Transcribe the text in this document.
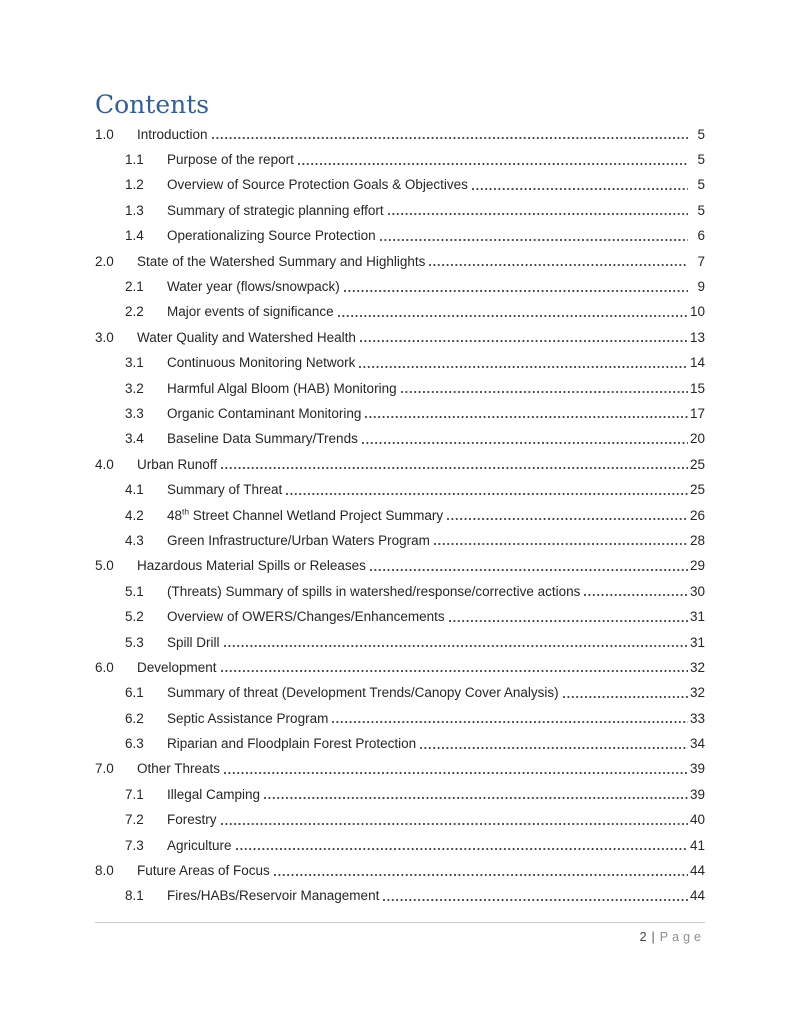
Contents
1.0	Introduction	5
1.1	Purpose of the report	5
1.2	Overview of Source Protection Goals & Objectives	5
1.3	Summary of strategic planning effort	5
1.4	Operationalizing Source Protection	6
2.0	State of the Watershed Summary and Highlights	7
2.1	Water year (flows/snowpack)	9
2.2	Major events of significance	10
3.0	Water Quality and Watershed Health	13
3.1	Continuous Monitoring Network	14
3.2	Harmful Algal Bloom (HAB) Monitoring	15
3.3	Organic Contaminant Monitoring	17
3.4	Baseline Data Summary/Trends	20
4.0	Urban Runoff	25
4.1	Summary of Threat	25
4.2	48th Street Channel Wetland Project Summary	26
4.3	Green Infrastructure/Urban Waters Program	28
5.0	Hazardous Material Spills or Releases	29
5.1	(Threats) Summary of spills in watershed/response/corrective actions	30
5.2	Overview of OWERS/Changes/Enhancements	31
5.3	Spill Drill	31
6.0	Development	32
6.1	Summary of threat (Development Trends/Canopy Cover Analysis)	32
6.2	Septic Assistance Program	33
6.3	Riparian and Floodplain Forest Protection	34
7.0	Other Threats	39
7.1	Illegal Camping	39
7.2	Forestry	40
7.3	Agriculture	41
8.0	Future Areas of Focus	44
8.1	Fires/HABs/Reservoir Management	44
2 | Page
